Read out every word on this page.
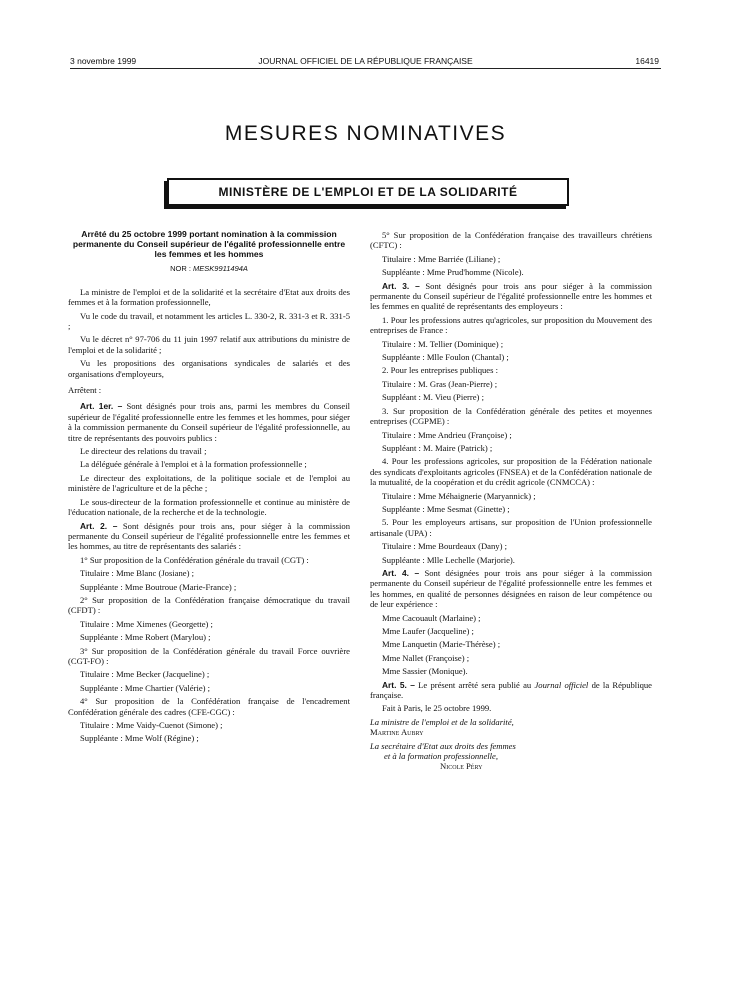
3 novembre 1999	JOURNAL OFFICIEL DE LA RÉPUBLIQUE FRANÇAISE	16419
MESURES NOMINATIVES
MINISTÈRE DE L'EMPLOI ET DE LA SOLIDARITÉ
Arrêté du 25 octobre 1999 portant nomination à la commission permanente du Conseil supérieur de l'égalité professionnelle entre les femmes et les hommes
NOR : MESK9911494A

La ministre de l'emploi et de la solidarité et la secrétaire d'Etat aux droits des femmes et à la formation professionnelle,

Vu le code du travail, et notamment les articles L. 330-2, R. 331-3 et R. 331-5 ;

Vu le décret n° 97-706 du 11 juin 1997 relatif aux attributions du ministre de l'emploi et de la solidarité ;

Vu les propositions des organisations syndicales de salariés et des organisations d'employeurs,

Arrêtent :

Art. 1er. – Sont désignés pour trois ans, parmi les membres du Conseil supérieur de l'égalité professionnelle entre les femmes et les hommes, pour siéger à la commission permanente du Conseil supérieur de l'égalité professionnelle, au titre de représentants des pouvoirs publics :

Le directeur des relations du travail ;

La déléguée générale à l'emploi et à la formation professionnelle ;

Le directeur des exploitations, de la politique sociale et de l'emploi au ministère de l'agriculture et de la pêche ;

Le sous-directeur de la formation professionnelle et continue au ministère de l'éducation nationale, de la recherche et de la technologie.

Art. 2. – Sont désignés pour trois ans, pour siéger à la commission permanente du Conseil supérieur de l'égalité professionnelle entre les femmes et les hommes, au titre de représentants des salariés :

1° Sur proposition de la Confédération générale du travail (CGT) :

Titulaire : Mme Blanc (Josiane) ;

Suppléante : Mme Boutroue (Marie-France) ;

2° Sur proposition de la Confédération française démocratique du travail (CFDT) :

Titulaire : Mme Ximenes (Georgette) ;

Suppléante : Mme Robert (Marylou) ;

3° Sur proposition de la Confédération générale du travail Force ouvrière (CGT-FO) :

Titulaire : Mme Becker (Jacqueline) ;

Suppléante : Mme Chartier (Valérie) ;

4° Sur proposition de la Confédération française de l'encadrement Confédération générale des cadres (CFE-CGC) :

Titulaire : Mme Vaidy-Cuenot (Simone) ;

Suppléante : Mme Wolf (Régine) ;

5° Sur proposition de la Confédération française des travailleurs chrétiens (CFTC) :

Titulaire : Mme Barriée (Liliane) ;

Suppléante : Mme Prud'homme (Nicole).

Art. 3. – Sont désignés pour trois ans pour siéger à la commission permanente du Conseil supérieur de l'égalité professionnelle entre les hommes et les femmes en qualité de représentants des employeurs :

1. Pour les professions autres qu'agricoles, sur proposition du Mouvement des entreprises de France :

Titulaire : M. Tellier (Dominique) ;

Suppléante : Mlle Foulon (Chantal) ;

2. Pour les entreprises publiques :

Titulaire : M. Gras (Jean-Pierre) ;

Suppléant : M. Vieu (Pierre) ;

3. Sur proposition de la Confédération générale des petites et moyennes entreprises (CGPME) :

Titulaire : Mme Andrieu (Françoise) ;

Suppléant : M. Maire (Patrick) ;

4. Pour les professions agricoles, sur proposition de la Fédération nationale des syndicats d'exploitants agricoles (FNSEA) et de la Confédération nationale de la mutualité, de la coopération et du crédit agricole (CNMCCA) :

Titulaire : Mme Méhaignerie (Maryannick) ;

Suppléante : Mme Sesmat (Ginette) ;

5. Pour les employeurs artisans, sur proposition de l'Union professionnelle artisanale (UPA) :

Titulaire : Mme Bourdeaux (Dany) ;

Suppléante : Mlle Lechelle (Marjorie).

Art. 4. – Sont désignées pour trois ans pour siéger à la commission permanente du Conseil supérieur de l'égalité professionnelle entre les femmes et les hommes, en qualité de personnes désignées en raison de leur compétence ou de leur expérience :

Mme Cacouault (Marlaine) ;

Mme Laufer (Jacqueline) ;

Mme Lanquetin (Marie-Thérèse) ;

Mme Nallet (Françoise) ;

Mme Sassier (Monique).

Art. 5. – Le présent arrêté sera publié au Journal officiel de la République française.

Fait à Paris, le 25 octobre 1999.

La ministre de l'emploi et de la solidarité,

Martine Aubry

La secrétaire d'Etat aux droits des femmes

et à la formation professionnelle,

Nicole Péry
